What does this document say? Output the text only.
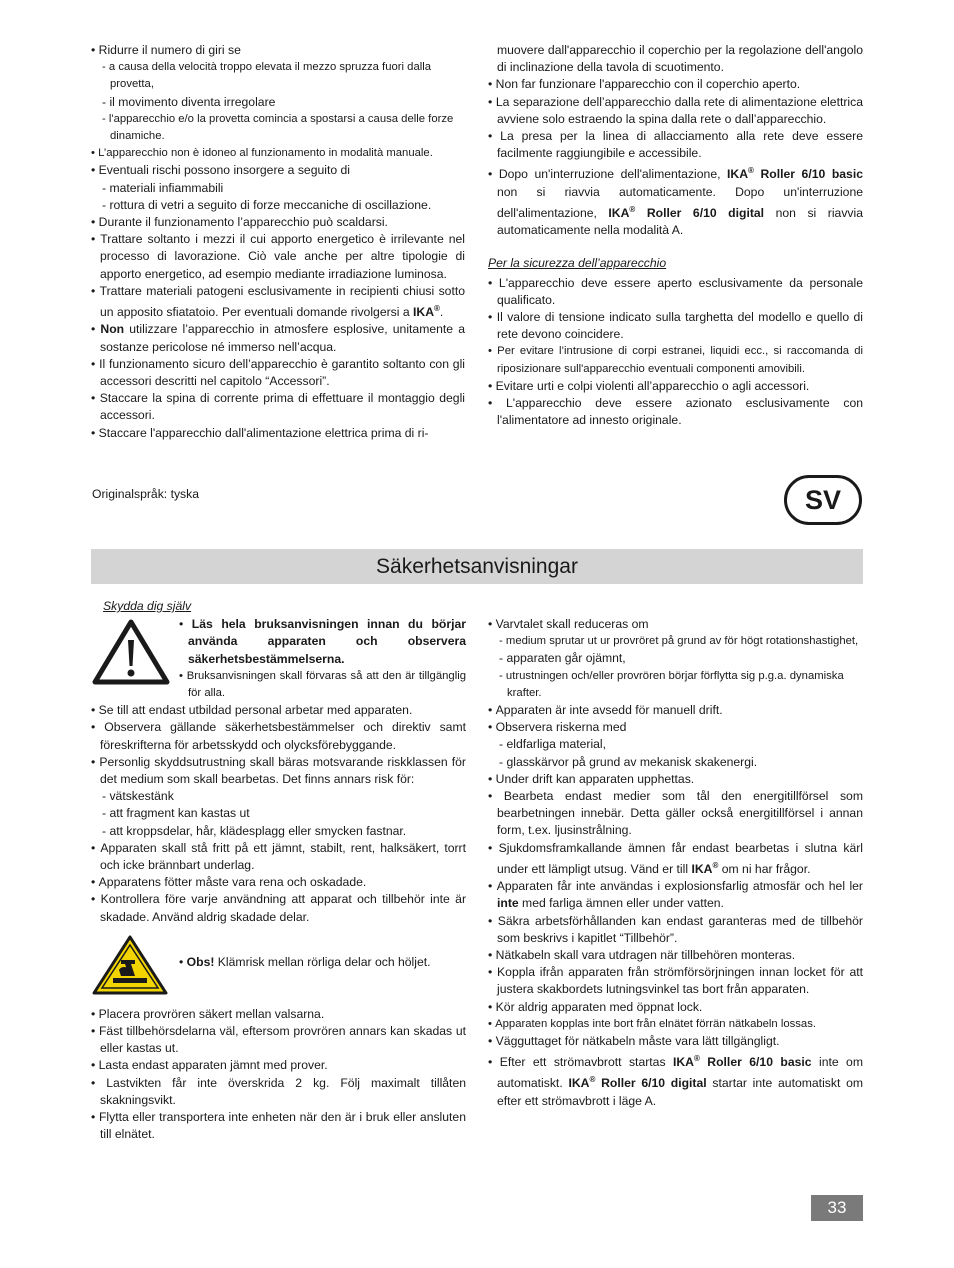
• Ridurre il numero di giri se

- a causa della velocità troppo elevata il mezzo spruzza fuori dalla provetta,

- il movimento diventa irregolare

- l'apparecchio e/o la provetta comincia a spostarsi a causa delle forze dinamiche.

• L’apparecchio non è idoneo al funzionamento in modalità manuale.

• Eventuali rischi possono insorgere a seguito di

- materiali infiammabili

- rottura di vetri a seguito di forze meccaniche di oscillazione.

• Durante il funzionamento l’apparecchio può scaldarsi.

• Trattare soltanto i mezzi il cui apporto energetico è irrilevante nel processo di lavorazione. Ciò vale anche per altre tipologie di apporto energetico, ad esempio mediante irradiazione luminosa.

• Trattare materiali patogeni esclusivamente in recipienti chiusi sotto un apposito sfiatatoio. Per eventuali domande rivolgersi a IKA®.

• Non utilizzare l’apparecchio in atmosfere esplosive, unitamente a sostanze pericolose né immerso nell’acqua.

• Il funzionamento sicuro dell’apparecchio è garantito soltanto con gli accessori descritti nel capitolo “Accessori”.

• Staccare la spina di corrente prima di effettuare il montaggio degli accessori.

• Staccare l'apparecchio dall'alimentazione elettrica prima di ri-

muovere dall'apparecchio il coperchio per la regolazione dell'angolo di inclinazione della tavola di scuotimento.

• Non far funzionare l'apparecchio con il coperchio aperto.

• La separazione dell’apparecchio dalla rete di alimentazione elettrica avviene solo estraendo la spina dalla rete o dall’apparecchio.

• La presa per la linea di allacciamento alla rete deve essere facilmente raggiungibile e accessibile.

• Dopo un'interruzione dell'alimentazione, IKA® Roller 6/10 basic non si riavvia automaticamente. Dopo un'interruzione dell'alimentazione, IKA® Roller 6/10 digital non si riavvia automaticamente nella modalità A.

Per la sicurezza dell’apparecchio

• L'apparecchio deve essere aperto esclusivamente da personale qualificato.

• Il valore di tensione indicato sulla targhetta del modello e quello di rete devono coincidere.

• Per evitare l’intrusione di corpi estranei, liquidi ecc., si raccomanda di riposizionare sull'apparecchio eventuali componenti amovibili.

• Evitare urti e colpi violenti all’apparecchio o agli accessori.

• L'apparecchio deve essere azionato esclusivamente con l'alimentatore ad innesto originale.

Originalspråk: tyska	SV
Säkerhetsanvisningar

Skydda dig själv

• Läs hela bruksanvisningen innan du börjar använda apparaten och observera säkerhetsbestämmelserna.

• Bruksanvisningen skall förvaras så att den är tillgänglig för alla.

• Se till att endast utbildad personal arbetar med apparaten.

• Observera gällande säkerhetsbestämmelser och direktiv samt föreskrifterna för arbetsskydd och olycksförebyggande.

• Personlig skyddsutrustning skall bäras motsvarande riskklassen för det medium som skall bearbetas. Det finns annars risk för:

- vätskestänk

- att fragment kan kastas ut

- att kroppsdelar, hår, klädesplagg eller smycken fastnar.

• Apparaten skall stå fritt på ett jämnt, stabilt, rent, halksäkert, torrt och icke brännbart underlag.

• Apparatens fötter måste vara rena och oskadade.

• Kontrollera före varje användning att apparat och tillbehör inte är skadade. Använd aldrig skadade delar.

• Obs! Klämrisk mellan rörliga delar och höljet.

• Placera provrören säkert mellan valsarna.

• Fäst tillbehörsdelarna väl, eftersom provrören annars kan skadas ut eller kastas ut.

• Lasta endast apparaten jämnt med prover.

• Lastvikten får inte överskrida 2 kg. Följ maximalt tillåten skakningsvikt.

• Flytta eller transportera inte enheten när den är i bruk eller ansluten till elnätet.

• Varvtalet skall reduceras om

- medium sprutar ut ur provröret på grund av för högt rotationshastighet,

- apparaten går ojämnt,

- utrustningen och/eller provrören börjar förflytta sig p.g.a. dynamiska krafter.

• Apparaten är inte avsedd för manuell drift.

• Observera riskerna med

- eldfarliga material,

- glasskärvor på grund av mekanisk skakenergi.

• Under drift kan apparaten upphettas.

• Bearbeta endast medier som tål den energitillförsel som bearbetningen innebär. Detta gäller också energitillförsel i annan form, t.ex. ljusinstrålning.

• Sjukdomsframkallande ämnen får endast bearbetas i slutna kärl under ett lämpligt utsug. Vänd er till IKA® om ni har frågor.

• Apparaten får inte användas i explosionsfarlig atmosfär och hel ler inte med farliga ämnen eller under vatten.

• Säkra arbetsförhållanden kan endast garanteras med de tillbehör som beskrivs i kapitlet “Tillbehör”.

• Nätkabeln skall vara utdragen när tillbehören monteras.

• Koppla ifrån apparaten från strömförsörjningen innan locket för att justera skakbordets lutningsvinkel tas bort från apparaten.

• Kör aldrig apparaten med öppnat lock.

• Apparaten kopplas inte bort från elnätet förrän nätkabeln lossas.

• Vägguttaget för nätkabeln måste vara lätt tillgängligt.

• Efter ett strömavbrott startas IKA® Roller 6/10 basic inte om automatiskt. IKA® Roller 6/10 digital startar inte automatiskt om efter ett strömavbrott i läge A.

33
